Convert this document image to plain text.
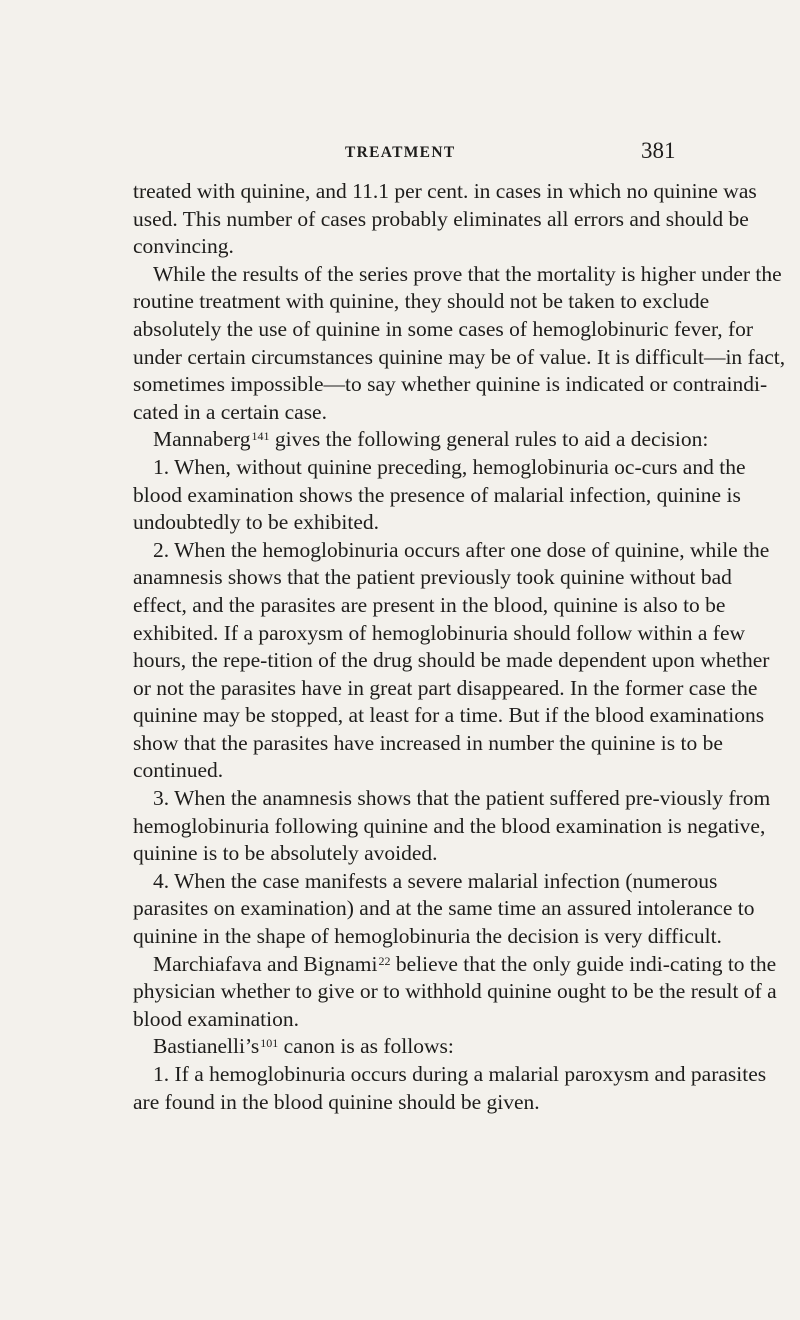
TREATMENT	381

treated with quinine, and 11.1 per cent. in cases in which no quinine was used. This number of cases probably eliminates all errors and should be convincing.

While the results of the series prove that the mortality is higher under the routine treatment with quinine, they should not be taken to exclude absolutely the use of quinine in some cases of hemoglobinuric fever, for under certain circumstances quinine may be of value. It is difficult—in fact, sometimes impossible—to say whether quinine is indicated or contraindi-cated in a certain case.

Mannaberg$^{141}$ gives the following general rules to aid a decision:

1. When, without quinine preceding, hemoglobinuria oc-curs and the blood examination shows the presence of malarial infection, quinine is undoubtedly to be exhibited.

2. When the hemoglobinuria occurs after one dose of quinine, while the anamnesis shows that the patient previously took quinine without bad effect, and the parasites are present in the blood, quinine is also to be exhibited. If a paroxysm of hemoglobinuria should follow within a few hours, the repe-tition of the drug should be made dependent upon whether or not the parasites have in great part disappeared. In the former case the quinine may be stopped, at least for a time. But if the blood examinations show that the parasites have increased in number the quinine is to be continued.

3. When the anamnesis shows that the patient suffered pre-viously from hemoglobinuria following quinine and the blood examination is negative, quinine is to be absolutely avoided.

4. When the case manifests a severe malarial infection (numerous parasites on examination) and at the same time an assured intolerance to quinine in the shape of hemoglobinuria the decision is very difficult.

Marchiafava and Bignami$^{22}$ believe that the only guide indi-cating to the physician whether to give or to withhold quinine ought to be the result of a blood examination.

Bastianelli’s$^{101}$ canon is as follows:

1. If a hemoglobinuria occurs during a malarial paroxysm and parasites are found in the blood quinine should be given.
